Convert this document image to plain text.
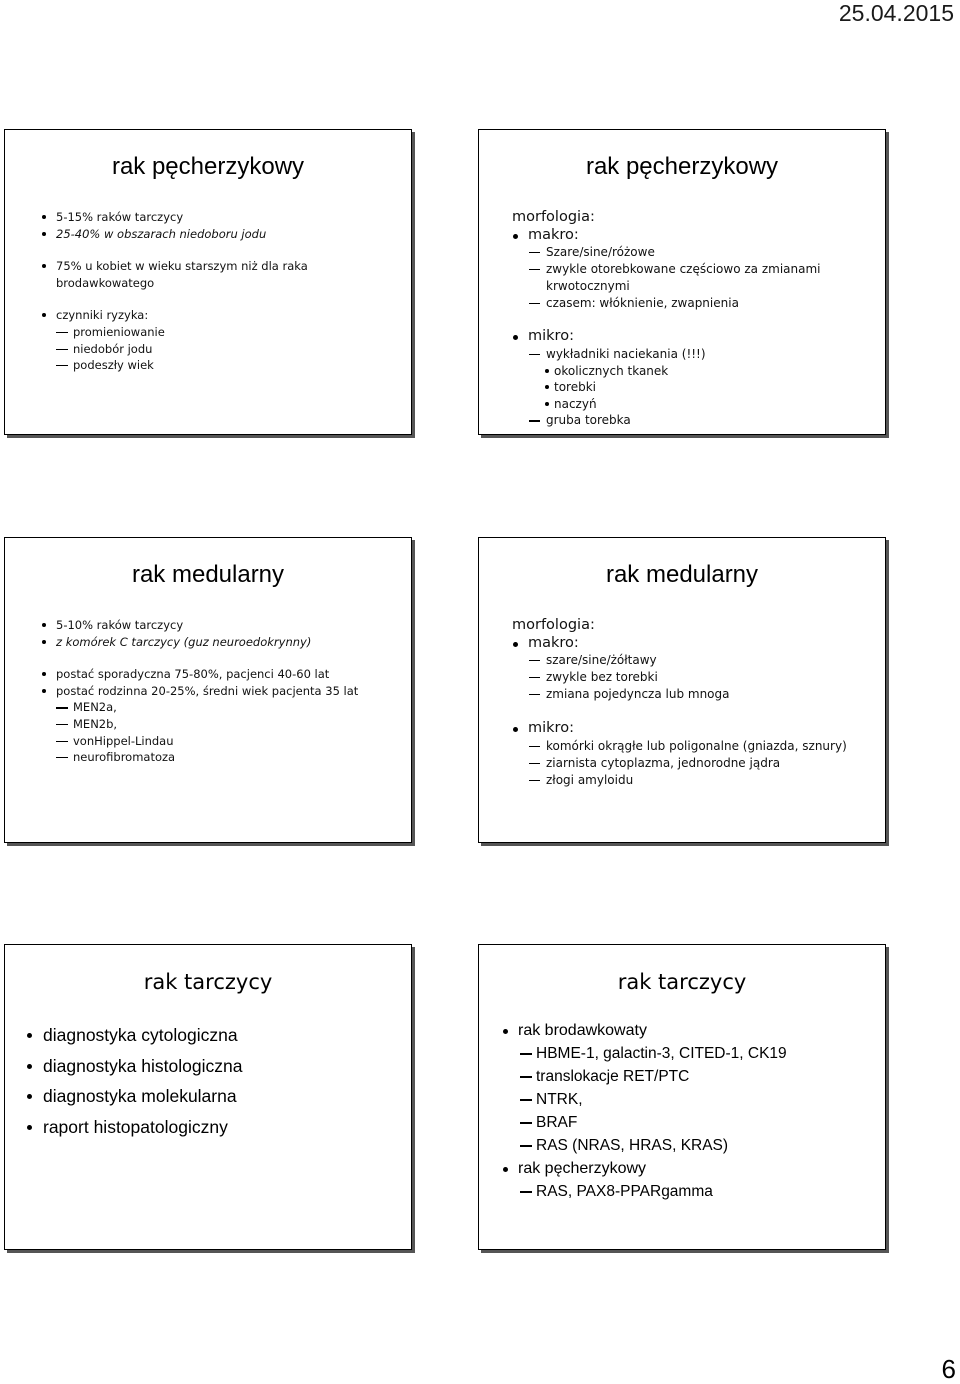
25.04.2015
rak pęcherzykowy
5-15% raków tarczycy
25-40% w obszarach niedoboru jodu
75% u kobiet w wieku starszym niż dla raka
brodawkowatego
czynniki ryzyka:
promieniowanie
niedobór jodu
podeszły wiek
rak pęcherzykowy
morfologia:
makro:
Szare/sine/różowe
zwykle otorebkowane częściowo za zmianami
krwotocznymi
czasem: włóknienie, zwapnienia
mikro:
wykładniki naciekania (!!!)
okolicznych tkanek
torebki
naczyń
gruba torebka
rak medularny
5-10% raków tarczycy
z komórek C tarczycy (guz neuroedokrynny)
postać sporadyczna 75-80%, pacjenci 40-60 lat
postać rodzinna 20-25%, średni wiek pacjenta 35 lat
MEN2a,
MEN2b,
vonHippel-Lindau
neurofibromatoza
rak medularny
morfologia:
makro:
szare/sine/żółtawy
zwykle bez torebki
zmiana pojedyncza lub mnoga
mikro:
komórki okrągłe lub poligonalne (gniazda, sznury)
ziarnista cytoplazma, jednorodne jądra
złogi amyloidu
rak tarczycy
diagnostyka cytologiczna
diagnostyka histologiczna
diagnostyka molekularna
raport histopatologiczny
rak tarczycy
rak brodawkowaty
HBME-1, galactin-3, CITED-1, CK19
translokacje RET/PTC
NTRK,
BRAF
RAS (NRAS, HRAS, KRAS)
rak pęcherzykowy
RAS, PAX8-PPARgamma
6
